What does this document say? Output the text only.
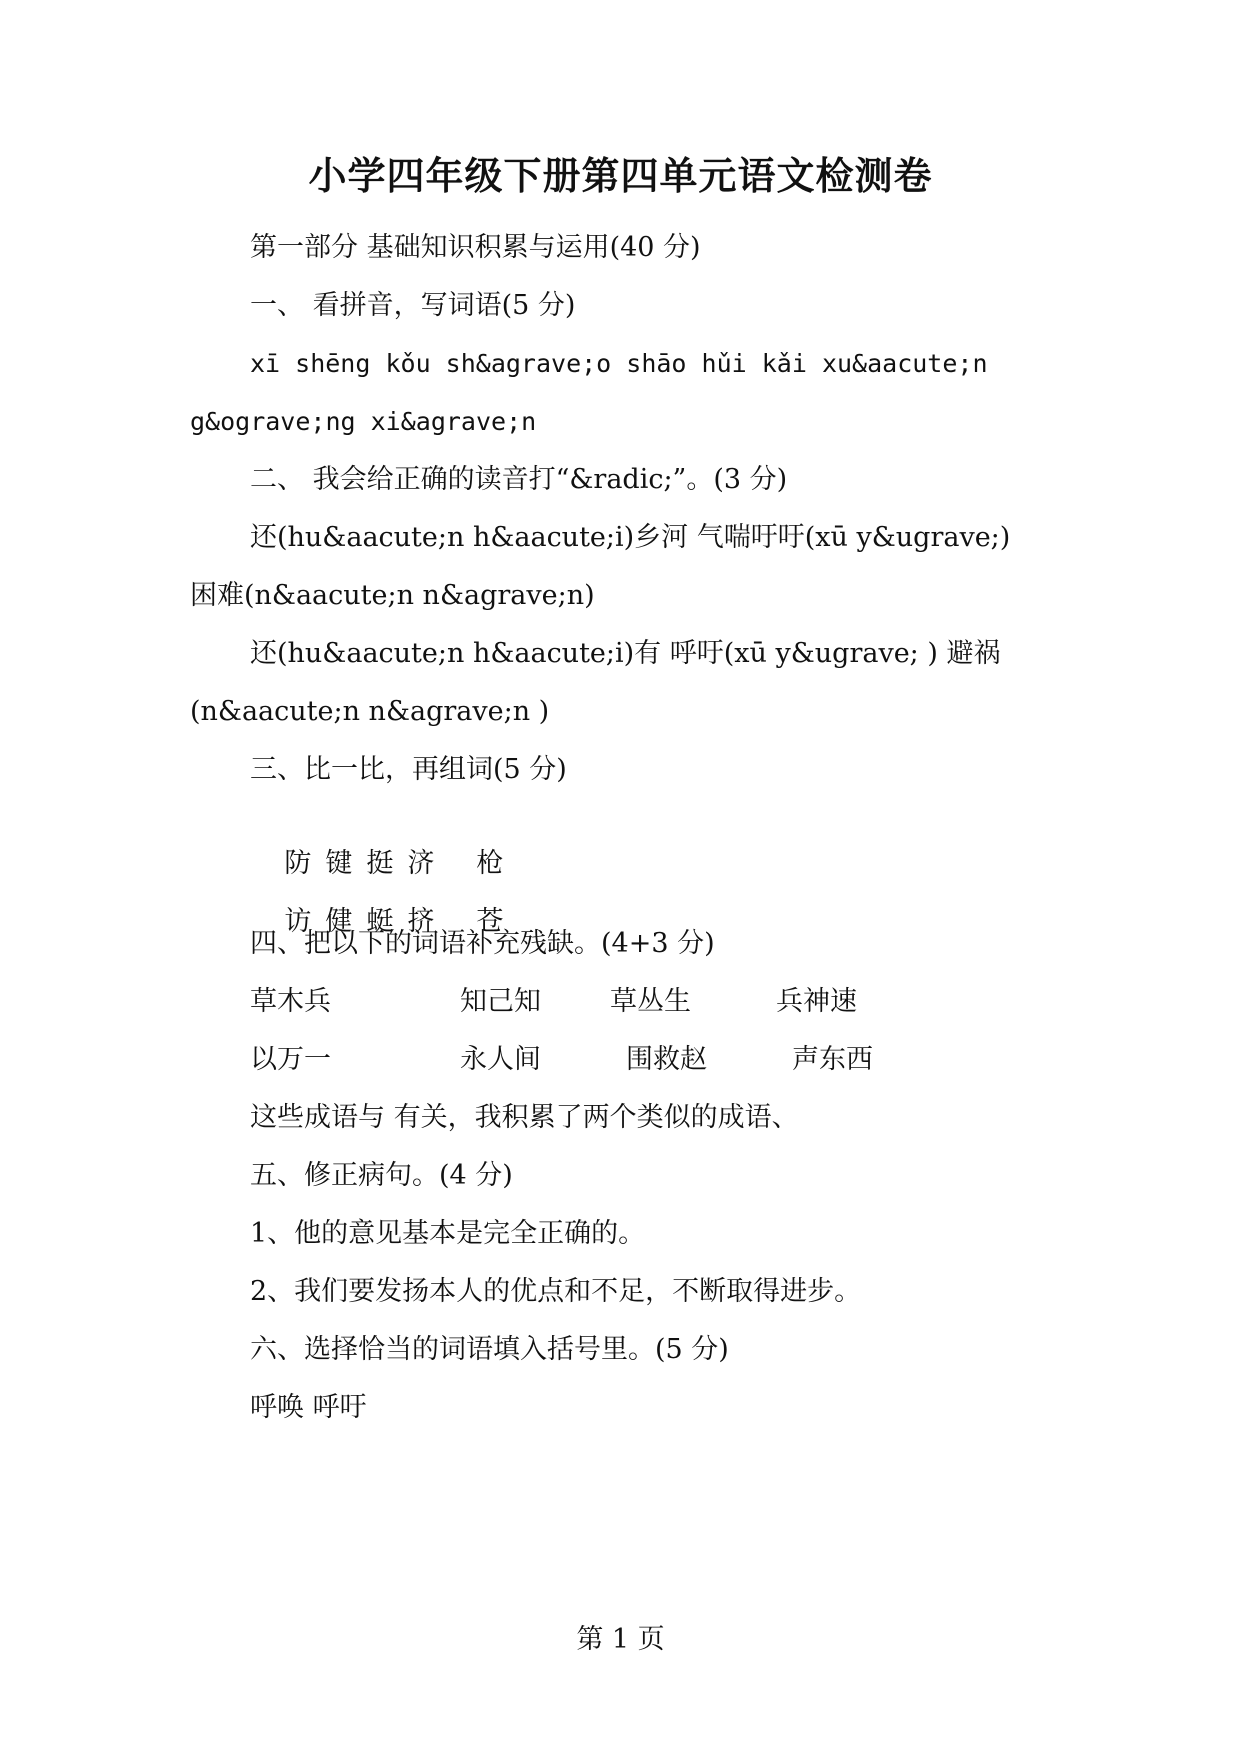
小学四年级下册第四单元语文检测卷
第一部分 基础知识积累与运用(40 分)
一、 看拼音，写词语(5 分)
xī shēng kǒu sh&agrave;o shāo hǔi kǎi xu&aacute;n
g&ograve;ng xi&agrave;n
二、 我会给正确的读音打“&radic;”。(3 分)
还(hu&aacute;n h&aacute;i)乡河 气喘吁吁(xū y&ugrave;)
困难(n&aacute;n n&agrave;n)
还(hu&aacute;n h&aacute;i)有 呼吁(xū y&ugrave; ) 避祸
(n&aacute;n n&agrave;n )
三、比一比，再组词(5 分)

防 键 挺 济 枪

访 健 蜓 挤 苍

四、把以下的词语补充残缺。(4+3 分)
草木兵	知己知	草丛生	兵神速
以万一	永人间	围救赵	声东西
这些成语与 有关，我积累了两个类似的成语、
五、修正病句。(4 分)
1、他的意见基本是完全正确的。
2、我们要发扬本人的优点和不足，不断取得进步。
六、选择恰当的词语填入括号里。(5 分)
呼唤 呼吁
第 1 页
